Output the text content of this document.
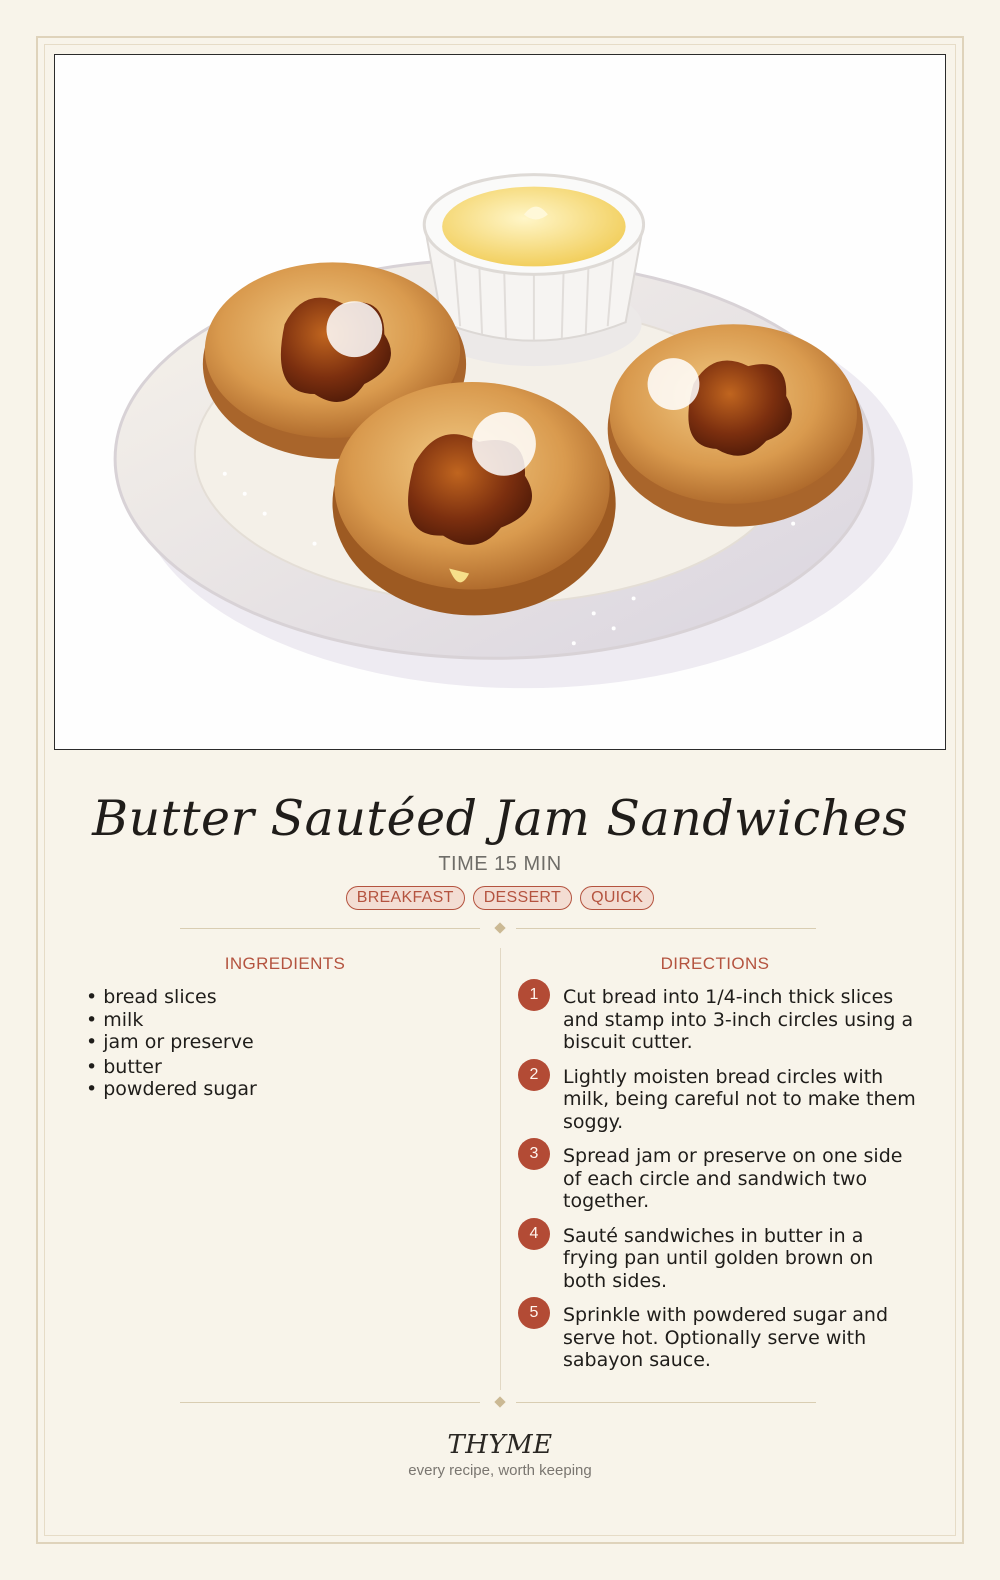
Butter Sautéed Jam Sandwiches
TIME 15 MIN
BREAKFAST	DESSERT	QUICK
INGREDIENTS
• bread slices
• milk
• jam or preserve
• butter
• powdered sugar
DIRECTIONS
1	Cut bread into 1/4-inch thick slices and stamp into 3-inch circles using a biscuit cutter.
2	Lightly moisten bread circles with milk, being careful not to make them soggy.
3	Spread jam or preserve on one side of each circle and sandwich two together.
4	Sauté sandwiches in butter in a frying pan until golden brown on both sides.
5	Sprinkle with powdered sugar and serve hot. Optionally serve with sabayon sauce.
THYME
every recipe, worth keeping
